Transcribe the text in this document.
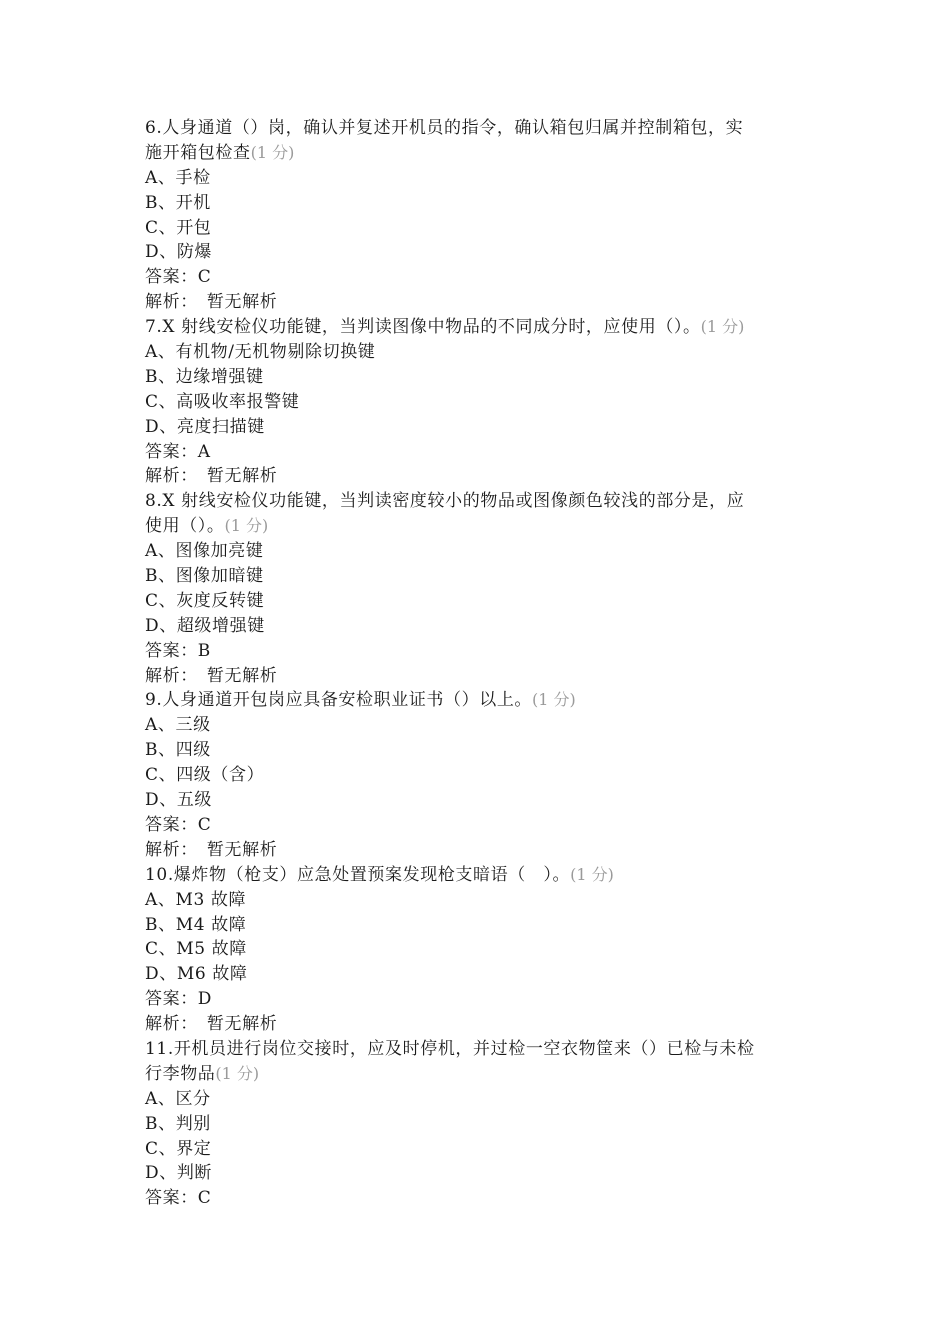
6.人身通道（）岗，确认并复述开机员的指令，确认箱包归属并控制箱包，实
施开箱包检查(1 分)
A、手检
B、开机
C、开包
D、防爆
答案：C
解析：　暂无解析
7.X 射线安检仪功能键，当判读图像中物品的不同成分时，应使用（）。(1 分)
A、有机物/无机物剔除切换键
B、边缘增强键
C、高吸收率报警键
D、亮度扫描键
答案：A
解析：　暂无解析
8.X 射线安检仪功能键，当判读密度较小的物品或图像颜色较浅的部分是，应
使用（）。(1 分)
A、图像加亮键
B、图像加暗键
C、灰度反转键
D、超级增强键
答案：B
解析：　暂无解析
9.人身通道开包岗应具备安检职业证书（）以上。(1 分)
A、三级
B、四级
C、四级（含）
D、五级
答案：C
解析：　暂无解析
10.爆炸物（枪支）应急处置预案发现枪支暗语（　）。(1 分)
A、M3 故障
B、M4 故障
C、M5 故障
D、M6 故障
答案：D
解析：　暂无解析
11.开机员进行岗位交接时，应及时停机，并过检一空衣物筐来（）已检与未检
行李物品(1 分)
A、区分
B、判别
C、界定
D、判断
答案：C
